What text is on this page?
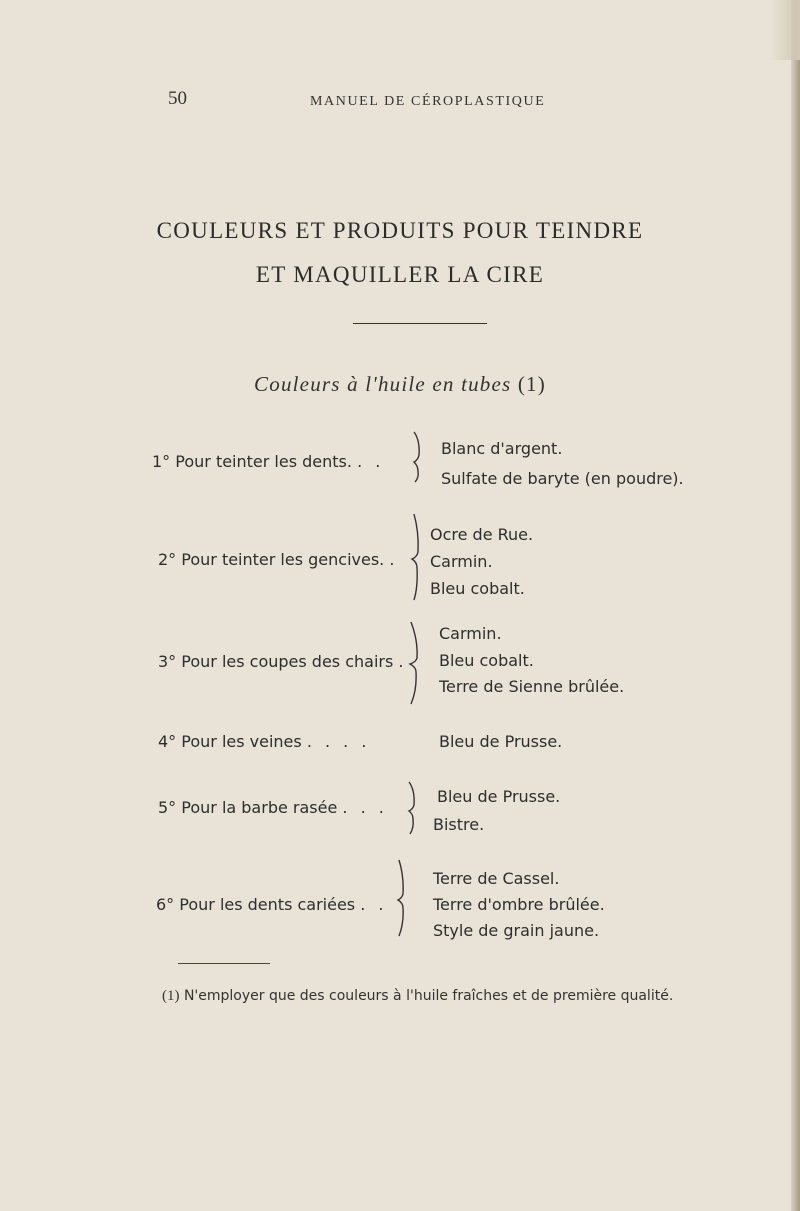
50	MANUEL DE CÉROPLASTIQUE
COULEURS ET PRODUITS POUR TEINDRE
ET MAQUILLER LA CIRE
Couleurs à l'huile en tubes (1)
1° Pour teinter les dents. . .
Blanc d'argent.
Sulfate de baryte (en poudre).
2° Pour teinter les gencives. .
Ocre de Rue.
Carmin.
Bleu cobalt.
3° Pour les coupes des chairs .
Carmin.
Bleu cobalt.
Terre de Sienne brûlée.
4° Pour les veines . . . .	Bleu de Prusse.
5° Pour la barbe rasée . . .
Bleu de Prusse.
Bistre.
6° Pour les dents cariées . .
Terre de Cassel.
Terre d'ombre brûlée.
Style de grain jaune.
(1) N'employer que des couleurs à l'huile fraîches et de première qualité.
